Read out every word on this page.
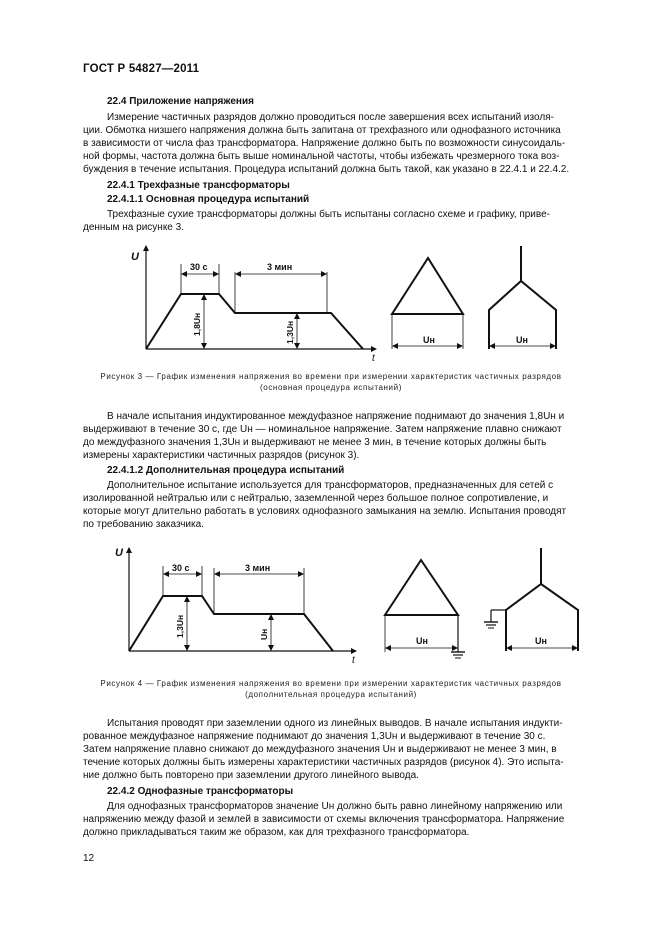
ГОСТ Р 54827—2011
22.4 Приложение напряжения
Измерение частичных разрядов должно проводиться после завершения всех испытаний изоля-
ции. Обмотка низшего напряжения должна быть запитана от трехфазного или однофазного источника
в зависимости от числа фаз трансформатора. Напряжение должно быть по возможности синусоидаль-
ной формы, частота должна быть выше номинальной частоты, чтобы избежать чрезмерного тока воз-
буждения в течение испытания. Процедура испытаний должна быть такой, как указано в 22.4.1 и 22.4.2.
22.4.1 Трехфазные трансформаторы
22.4.1.1 Основная процедура испытаний
Трехфазные сухие трансформаторы должны быть испытаны согласно схеме и графику, приве-
денным на рисунке 3.
U
t
30 с	3 мин
1,8Uн	1,3Uн	Uн	Uн
Рисунок 3 — График изменения напряжения во времени при измерении характеристик частичных разрядов
(основная процедура испытаний)
В начале испытания индуктированное междуфазное напряжение поднимают до значения 1,8Uн и
выдерживают в течение 30 с, где Uн — номинальное напряжение. Затем напряжение плавно снижают
до междуфазного значения 1,3Uн и выдерживают не менее 3 мин, в течение которых должны быть
измерены характеристики частичных разрядов (рисунок 3).
22.4.1.2 Дополнительная процедура испытаний
Дополнительное испытание используется для трансформаторов, предназначенных для сетей с
изолированной нейтралью или с нейтралью, заземленной через большое полное сопротивление, и
которые могут длительно работать в условиях однофазного замыкания на землю. Испытания проводят
по требованию заказчика.
U
t
30 с	3 мин
1,3Uн	Uн
Uн	Uн
Рисунок 4 — График изменения напряжения во времени при измерении характеристик частичных разрядов
(дополнительная процедура испытаний)
Испытания проводят при заземлении одного из линейных выводов. В начале испытания индукти-
рованное междуфазное напряжение поднимают до значения 1,3Uн и выдерживают в течение 30 с.
Затем напряжение плавно снижают до междуфазного значения Uн и выдерживают не менее 3 мин, в
течение которых должны быть измерены характеристики частичных разрядов (рисунок 4). Это испыта-
ние должно быть повторено при заземлении другого линейного вывода.
22.4.2 Однофазные трансформаторы
Для однофазных трансформаторов значение Uн должно быть равно линейному напряжению или
напряжению между фазой и землей в зависимости от схемы включения трансформатора. Напряжение
должно прикладываться таким же образом, как для трехфазного трансформатора.
12
